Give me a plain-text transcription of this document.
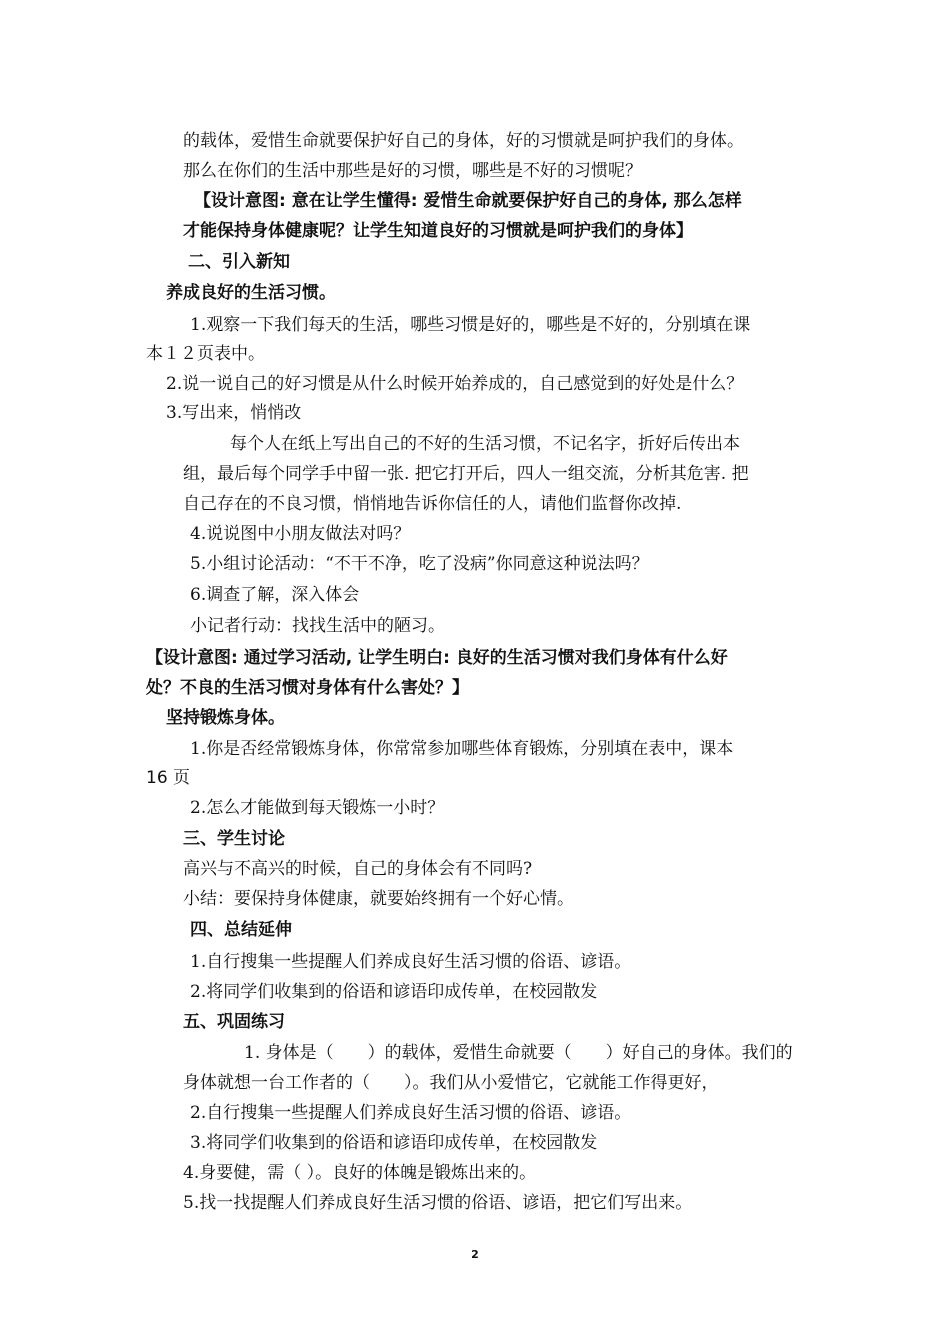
的载体，爱惜生命就要保护好自己的身体，好的习惯就是呵护我们的身体。
那么在你们的生活中那些是好的习惯，哪些是不好的习惯呢？
【设计意图: 意在让学生懂得: 爱惜生命就要保护好自己的身体, 那么怎样
才能保持身体健康呢？让学生知道良好的习惯就是呵护我们的身体】
二、引入新知
养成良好的生活习惯。
1.观察一下我们每天的生活，哪些习惯是好的，哪些是不好的，分别填在课
本１２页表中。
2.说一说自己的好习惯是从什么时候开始养成的，自己感觉到的好处是什么？
3.写出来，悄悄改
每个人在纸上写出自己的不好的生活习惯，不记名字，折好后传出本
组，最后每个同学手中留一张. 把它打开后，四人一组交流，分析其危害. 把
自己存在的不良习惯，悄悄地告诉你信任的人，请他们监督你改掉.
4.说说图中小朋友做法对吗？
5.小组讨论活动：“不干不净，吃了没病”你同意这种说法吗？
6.调查了解，深入体会
小记者行动：找找生活中的陋习。
【设计意图: 通过学习活动, 让学生明白: 良好的生活习惯对我们身体有什么好
处？不良的生活习惯对身体有什么害处？】
坚持锻炼身体。
1.你是否经常锻炼身体，你常常参加哪些体育锻炼，分别填在表中，课本
16 页
2.怎么才能做到每天锻炼一小时？
三、学生讨论
高兴与不高兴的时候，自己的身体会有不同吗?
小结：要保持身体健康，就要始终拥有一个好心情。
四、总结延伸
1.自行搜集一些提醒人们养成良好生活习惯的俗语、谚语。
2.将同学们收集到的俗语和谚语印成传单，在校园散发
五、巩固练习
1. 身体是（　　）的载体，爱惜生命就要（　　）好自己的身体。我们的
身体就想一台工作者的（　　）。我们从小爱惜它，它就能工作得更好，
2.自行搜集一些提醒人们养成良好生活习惯的俗语、谚语。
3.将同学们收集到的俗语和谚语印成传单，在校园散发
4.身要健，需（ ）。良好的体魄是锻炼出来的。
5.找一找提醒人们养成良好生活习惯的俗语、谚语，把它们写出来。
2
